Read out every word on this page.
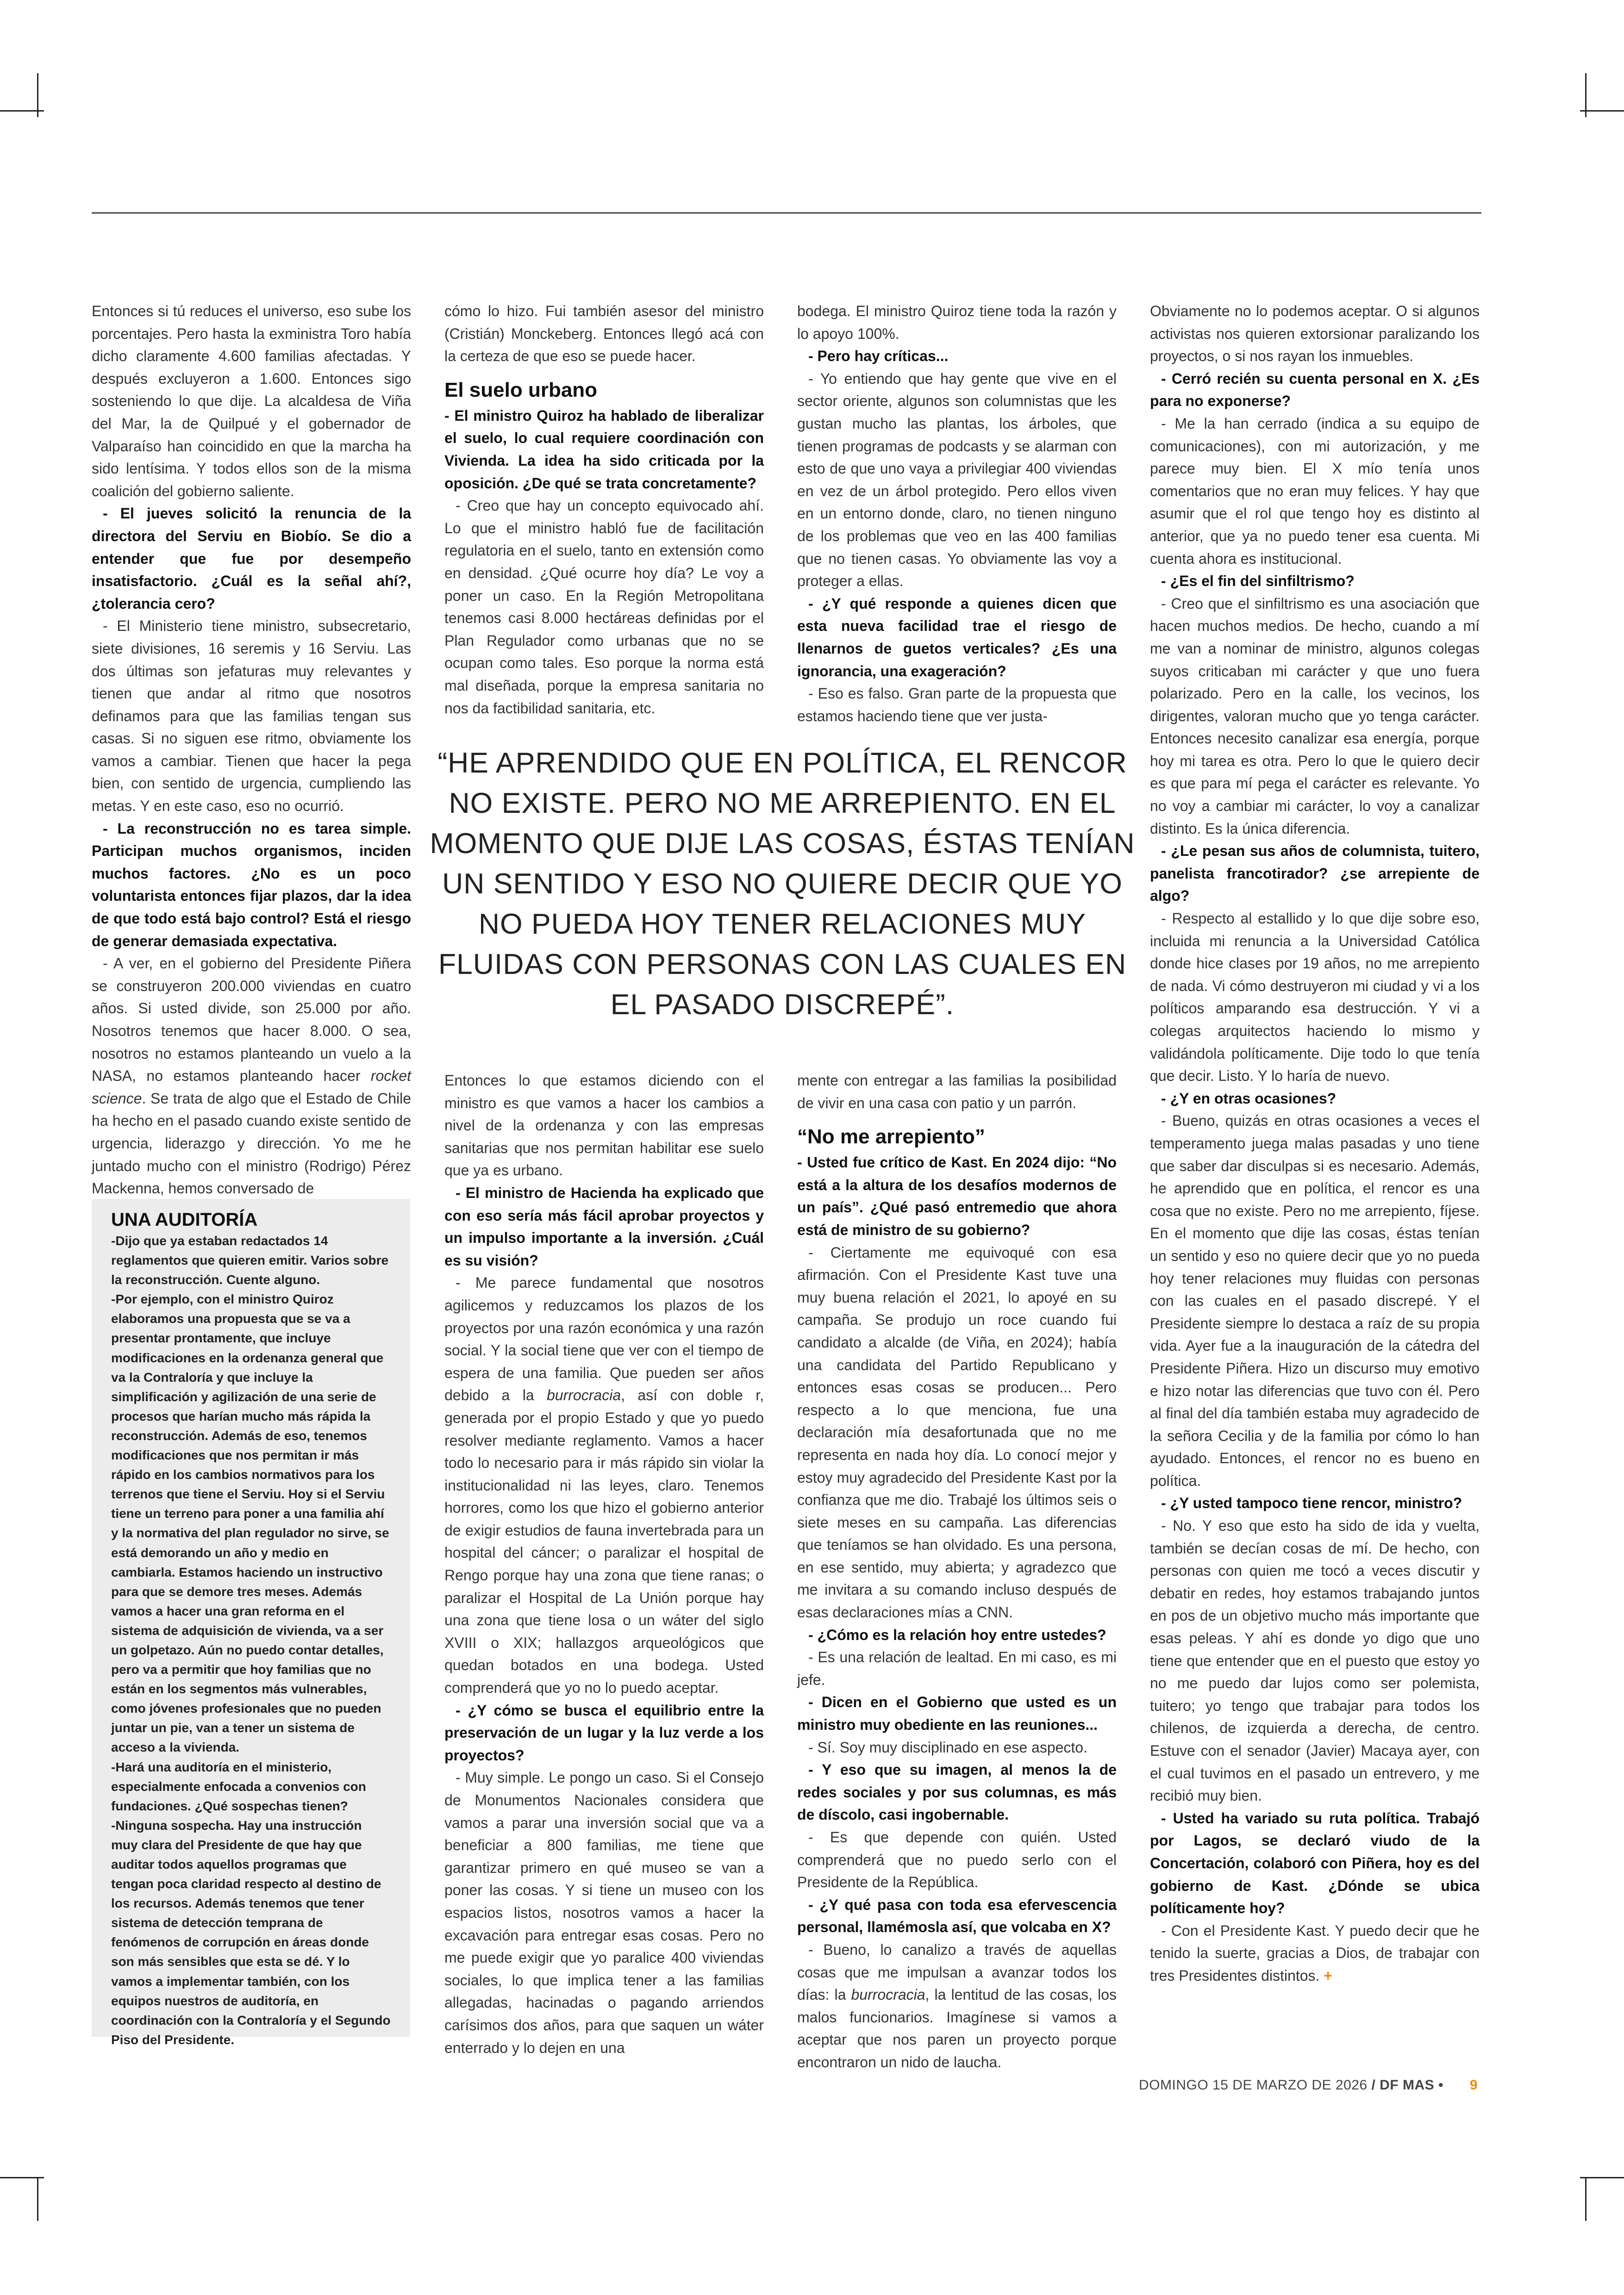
Entonces si tú reduces el universo, eso sube los porcentajes. Pero hasta la exministra Toro había dicho claramente 4.600 familias afectadas. Y después excluyeron a 1.600. Entonces sigo sosteniendo lo que dije. La alcaldesa de Viña del Mar, la de Quilpué y el gobernador de Valparaíso han coincidido en que la marcha ha sido lentísima. Y todos ellos son de la misma coalición del gobierno saliente.

- El jueves solicitó la renuncia de la directora del Serviu en Biobío. Se dio a entender que fue por desempeño insatisfactorio. ¿Cuál es la señal ahí?, ¿tolerancia cero?

- El Ministerio tiene ministro, subsecretario, siete divisiones, 16 seremis y 16 Serviu. Las dos últimas son jefaturas muy relevantes y tienen que andar al ritmo que nosotros definamos para que las familias tengan sus casas. Si no siguen ese ritmo, obviamente los vamos a cambiar. Tienen que hacer la pega bien, con sentido de urgencia, cumpliendo las metas. Y en este caso, eso no ocurrió.

- La reconstrucción no es tarea simple. Participan muchos organismos, inciden muchos factores. ¿No es un poco voluntarista entonces fijar plazos, dar la idea de que todo está bajo control? Está el riesgo de generar demasiada expectativa.

- A ver, en el gobierno del Presidente Piñera se construyeron 200.000 viviendas en cuatro años. Si usted divide, son 25.000 por año. Nosotros tenemos que hacer 8.000. O sea, nosotros no estamos planteando un vuelo a la NASA, no estamos planteando hacer rocket science. Se trata de algo que el Estado de Chile ha hecho en el pasado cuando existe sentido de urgencia, liderazgo y dirección. Yo me he juntado mucho con el ministro (Rodrigo) Pérez Mackenna, hemos conversado de

UNA AUDITORÍA

-Dijo que ya estaban redactados 14 reglamentos que quieren emitir. Varios sobre la reconstrucción. Cuente alguno.

-Por ejemplo, con el ministro Quiroz elaboramos una propuesta que se va a presentar prontamente, que incluye modificaciones en la ordenanza general que va la Contraloría y que incluye la simplificación y agilización de una serie de procesos que harían mucho más rápida la reconstrucción. Además de eso, tenemos modificaciones que nos permitan ir más rápido en los cambios normativos para los terrenos que tiene el Serviu. Hoy si el Serviu tiene un terreno para poner a una familia ahí y la normativa del plan regulador no sirve, se está demorando un año y medio en cambiarla. Estamos haciendo un instructivo para que se demore tres meses. Además vamos a hacer una gran reforma en el sistema de adquisición de vivienda, va a ser un golpetazo. Aún no puedo contar detalles, pero va a permitir que hoy familias que no están en los segmentos más vulnerables, como jóvenes profesionales que no pueden juntar un pie, van a tener un sistema de acceso a la vivienda.

-Hará una auditoría en el ministerio, especialmente enfocada a convenios con fundaciones. ¿Qué sospechas tienen?

-Ninguna sospecha. Hay una instrucción muy clara del Presidente de que hay que auditar todos aquellos programas que tengan poca claridad respecto al destino de los recursos. Además tenemos que tener sistema de detección temprana de fenómenos de corrupción en áreas donde son más sensibles que esta se dé. Y lo vamos a implementar también, con los equipos nuestros de auditoría, en coordinación con la Contraloría y el Segundo Piso del Presidente.

cómo lo hizo. Fui también asesor del ministro (Cristián) Monckeberg. Entonces llegó acá con la certeza de que eso se puede hacer.

El suelo urbano

- El ministro Quiroz ha hablado de liberalizar el suelo, lo cual requiere coordinación con Vivienda. La idea ha sido criticada por la oposición. ¿De qué se trata concretamente?

- Creo que hay un concepto equivocado ahí. Lo que el ministro habló fue de facilitación regulatoria en el suelo, tanto en extensión como en densidad. ¿Qué ocurre hoy día? Le voy a poner un caso. En la Región Metropolitana tenemos casi 8.000 hectáreas definidas por el Plan Regulador como urbanas que no se ocupan como tales. Eso porque la norma está mal diseñada, porque la empresa sanitaria no nos da factibilidad sanitaria, etc.

bodega. El ministro Quiroz tiene toda la razón y lo apoyo 100%.

- Pero hay críticas...

- Yo entiendo que hay gente que vive en el sector oriente, algunos son columnistas que les gustan mucho las plantas, los árboles, que tienen programas de podcasts y se alarman con esto de que uno vaya a privilegiar 400 viviendas en vez de un árbol protegido. Pero ellos viven en un entorno donde, claro, no tienen ninguno de los problemas que veo en las 400 familias que no tienen casas. Yo obviamente las voy a proteger a ellas.

- ¿Y qué responde a quienes dicen que esta nueva facilidad trae el riesgo de llenarnos de guetos verticales? ¿Es una ignorancia, una exageración?

- Eso es falso. Gran parte de la propuesta que estamos haciendo tiene que ver justa-

“HE APRENDIDO QUE EN POLÍTICA, EL RENCOR NO EXISTE. PERO NO ME ARREPIENTO. EN EL MOMENTO QUE DIJE LAS COSAS, ÉSTAS TENÍAN UN SENTIDO Y ESO NO QUIERE DECIR QUE YO NO PUEDA HOY TENER RELACIONES MUY FLUIDAS CON PERSONAS CON LAS CUALES EN EL PASADO DISCREPÉ”.

Entonces lo que estamos diciendo con el ministro es que vamos a hacer los cambios a nivel de la ordenanza y con las empresas sanitarias que nos permitan habilitar ese suelo que ya es urbano.

- El ministro de Hacienda ha explicado que con eso sería más fácil aprobar proyectos y un impulso importante a la inversión. ¿Cuál es su visión?

- Me parece fundamental que nosotros agilicemos y reduzcamos los plazos de los proyectos por una razón económica y una razón social. Y la social tiene que ver con el tiempo de espera de una familia. Que pueden ser años debido a la burrocracia, así con doble r, generada por el propio Estado y que yo puedo resolver mediante reglamento. Vamos a hacer todo lo necesario para ir más rápido sin violar la institucionalidad ni las leyes, claro. Tenemos horrores, como los que hizo el gobierno anterior de exigir estudios de fauna invertebrada para un hospital del cáncer; o paralizar el hospital de Rengo porque hay una zona que tiene ranas; o paralizar el Hospital de La Unión porque hay una zona que tiene losa o un wáter del siglo XVIII o XIX; hallazgos arqueológicos que quedan botados en una bodega. Usted comprenderá que yo no lo puedo aceptar.

- ¿Y cómo se busca el equilibrio entre la preservación de un lugar y la luz verde a los proyectos?

- Muy simple. Le pongo un caso. Si el Consejo de Monumentos Nacionales considera que vamos a parar una inversión social que va a beneficiar a 800 familias, me tiene que garantizar primero en qué museo se van a poner las cosas. Y si tiene un museo con los espacios listos, nosotros vamos a hacer la excavación para entregar esas cosas. Pero no me puede exigir que yo paralice 400 viviendas sociales, lo que implica tener a las familias allegadas, hacinadas o pagando arriendos carísimos dos años, para que saquen un wáter enterrado y lo dejen en una

mente con entregar a las familias la posibilidad de vivir en una casa con patio y un parrón.

“No me arrepiento”

- Usted fue crítico de Kast. En 2024 dijo: “No está a la altura de los desafíos modernos de un país”. ¿Qué pasó entremedio que ahora está de ministro de su gobierno?

- Ciertamente me equivoqué con esa afirmación. Con el Presidente Kast tuve una muy buena relación el 2021, lo apoyé en su campaña. Se produjo un roce cuando fui candidato a alcalde (de Viña, en 2024); había una candidata del Partido Republicano y entonces esas cosas se producen... Pero respecto a lo que menciona, fue una declaración mía desafortunada que no me representa en nada hoy día. Lo conocí mejor y estoy muy agradecido del Presidente Kast por la confianza que me dio. Trabajé los últimos seis o siete meses en su campaña. Las diferencias que teníamos se han olvidado. Es una persona, en ese sentido, muy abierta; y agradezco que me invitara a su comando incluso después de esas declaraciones mías a CNN.

- ¿Cómo es la relación hoy entre ustedes?

- Es una relación de lealtad. En mi caso, es mi jefe.

- Dicen en el Gobierno que usted es un ministro muy obediente en las reuniones...

- Sí. Soy muy disciplinado en ese aspecto.

- Y eso que su imagen, al menos la de redes sociales y por sus columnas, es más de díscolo, casi ingobernable.

- Es que depende con quién. Usted comprenderá que no puedo serlo con el Presidente de la República.

- ¿Y qué pasa con toda esa efervescencia personal, llamémosla así, que volcaba en X?

- Bueno, lo canalizo a través de aquellas cosas que me impulsan a avanzar todos los días: la burrocracia, la lentitud de las cosas, los malos funcionarios. Imagínese si vamos a aceptar que nos paren un proyecto porque encontraron un nido de laucha.

Obviamente no lo podemos aceptar. O si algunos activistas nos quieren extorsionar paralizando los proyectos, o si nos rayan los inmuebles.

- Cerró recién su cuenta personal en X. ¿Es para no exponerse?

- Me la han cerrado (indica a su equipo de comunicaciones), con mi autorización, y me parece muy bien. El X mío tenía unos comentarios que no eran muy felices. Y hay que asumir que el rol que tengo hoy es distinto al anterior, que ya no puedo tener esa cuenta. Mi cuenta ahora es institucional.

- ¿Es el fin del sinfiltrismo?

- Creo que el sinfiltrismo es una asociación que hacen muchos medios. De hecho, cuando a mí me van a nominar de ministro, algunos colegas suyos criticaban mi carácter y que uno fuera polarizado. Pero en la calle, los vecinos, los dirigentes, valoran mucho que yo tenga carácter. Entonces necesito canalizar esa energía, porque hoy mi tarea es otra. Pero lo que le quiero decir es que para mí pega el carácter es relevante. Yo no voy a cambiar mi carácter, lo voy a canalizar distinto. Es la única diferencia.

- ¿Le pesan sus años de columnista, tuitero, panelista francotirador? ¿se arrepiente de algo?

- Respecto al estallido y lo que dije sobre eso, incluida mi renuncia a la Universidad Católica donde hice clases por 19 años, no me arrepiento de nada. Vi cómo destruyeron mi ciudad y vi a los políticos amparando esa destrucción. Y vi a colegas arquitectos haciendo lo mismo y validándola políticamente. Dije todo lo que tenía que decir. Listo. Y lo haría de nuevo.

- ¿Y en otras ocasiones?

- Bueno, quizás en otras ocasiones a veces el temperamento juega malas pasadas y uno tiene que saber dar disculpas si es necesario. Además, he aprendido que en política, el rencor es una cosa que no existe. Pero no me arrepiento, fíjese. En el momento que dije las cosas, éstas tenían un sentido y eso no quiere decir que yo no pueda hoy tener relaciones muy fluidas con personas con las cuales en el pasado discrepé. Y el Presidente siempre lo destaca a raíz de su propia vida. Ayer fue a la inauguración de la cátedra del Presidente Piñera. Hizo un discurso muy emotivo e hizo notar las diferencias que tuvo con él. Pero al final del día también estaba muy agradecido de la señora Cecilia y de la familia por cómo lo han ayudado. Entonces, el rencor no es bueno en política.

- ¿Y usted tampoco tiene rencor, ministro?

- No. Y eso que esto ha sido de ida y vuelta, también se decían cosas de mí. De hecho, con personas con quien me tocó a veces discutir y debatir en redes, hoy estamos trabajando juntos en pos de un objetivo mucho más importante que esas peleas. Y ahí es donde yo digo que uno tiene que entender que en el puesto que estoy yo no me puedo dar lujos como ser polemista, tuitero; yo tengo que trabajar para todos los chilenos, de izquierda a derecha, de centro. Estuve con el senador (Javier) Macaya ayer, con el cual tuvimos en el pasado un entrevero, y me recibió muy bien.

- Usted ha variado su ruta política. Trabajó por Lagos, se declaró viudo de la Concertación, colaboró con Piñera, hoy es del gobierno de Kast. ¿Dónde se ubica políticamente hoy?

- Con el Presidente Kast. Y puedo decir que he tenido la suerte, gracias a Dios, de trabajar con tres Presidentes distintos. +

DOMINGO 15 DE MARZO DE 2026 / DF MAS • 9
